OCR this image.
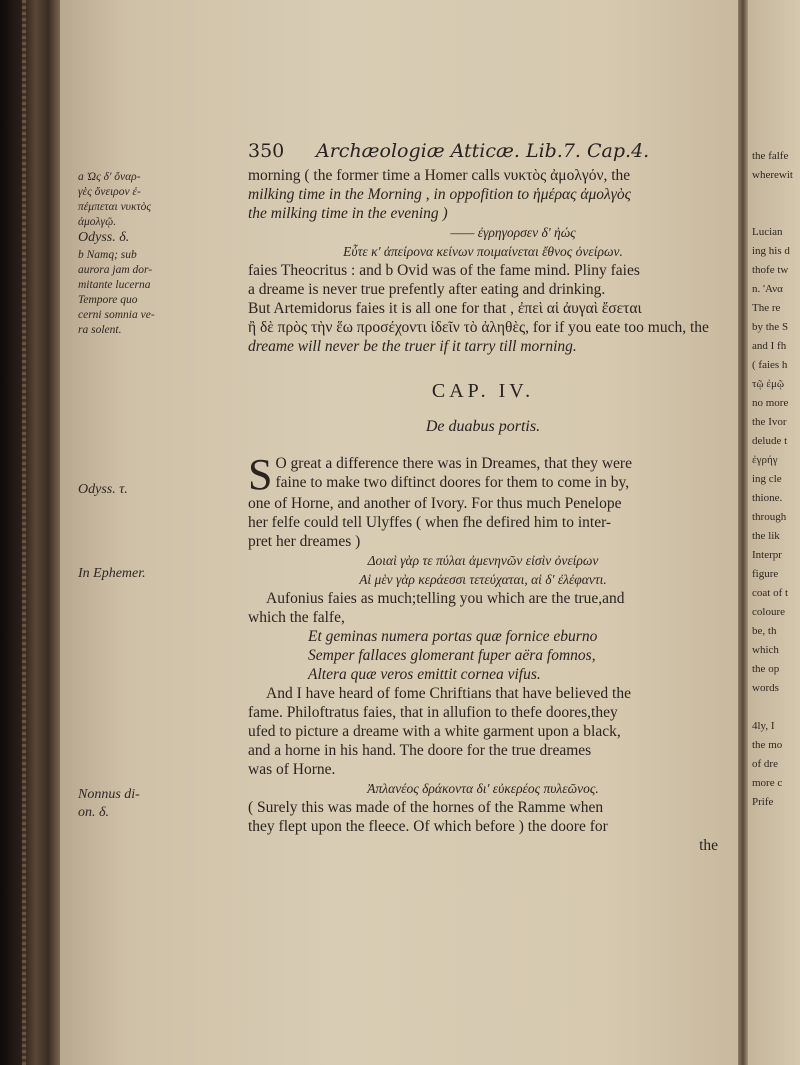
the falfe
wherewit
Lucian
ing his d
thofe tw
n. 'Ανα
The re
by the S
and I fh
( faies h
τῷ ἐμῷ
no more
the Ivor
delude t
ἐγρήγ
ing cle
thione.
through
the lik
Interpr
figure
coat of t
coloure
be, th
which
the op
words
4ly, I
the mo
of dre
more c
Prife
350 Archæologiæ Atticæ. Lib.7. Cap.4.
a Ὠς δ' ὄναρ-
γὲς ὄνειρον ἐ-
πέμπεται νυκτὸς
ἀμολγῷ.
Odyss. δ.
b Namq; sub
aurora jam dor-
mitante lucerna
Tempore quo
cerni somnia ve-
ra solent.
Odyss. τ.
In Ephemer.
Nonnus di-
on. δ.
morning ( the former time a Homer calls νυκτὸς ἀμολγόν, the
milking time in the Morning , in oppofition to ἡμέρας ἀμολγὸς
the milking time in the evening )
—— ἐγρηγορσεν δ' ἠώς
Εὖτε κ' ἀπείρονα κείνων ποιμαίνεται ἔθνος ὀνείρων.
faies Theocritus : and b Ovid was of the fame mind. Pliny faies
a dreame is never true prefently after eating and drinking.
But Artemidorus faies it is all one for that , ἐπεὶ αἱ ἀυγαὶ ἔσεται
ἢ δὲ πρὸς τὴν ἕω προσέχοντι ἰδεῖν τὸ ἀληθὲς, for if you eate too much, the
dreame will never be the truer if it tarry till morning.
CAP. IV.
De duabus portis.
S O great a difference there was in Dreames, that they were
faine to make two diftinct doores for them to come in by,
one of Horne, and another of Ivory. For thus much Penelope
her felfe could tell Ulyffes ( when fhe defired him to inter-
pret her dreames )
Δοιαὶ γὰρ τε πύλαι ἀμενηνῶν εἰσὶν ὀνείρων
Αἱ μὲν γὰρ κεράεσσι τετεύχαται, αἱ δ' ἐλέφαντι.
Aufonius faies as much;telling you which are the true,and
which the falfe,
Et geminas numera portas quæ fornice eburno
Semper fallaces glomerant fuper aëra fomnos,
Altera quæ veros emittit cornea vifus.
And I have heard of fome Chriftians that have believed the
fame. Philoftratus faies, that in allufion to thefe doores,they
ufed to picture a dreame with a white garment upon a black,
and a horne in his hand. The doore for the true dreames
was of Horne.
Ἀπλανέος δράκοντα δι' εὐκερέος πυλεῶνος.
( Surely this was made of the hornes of the Ramme when
they flept upon the fleece. Of which before ) the doore for
the
